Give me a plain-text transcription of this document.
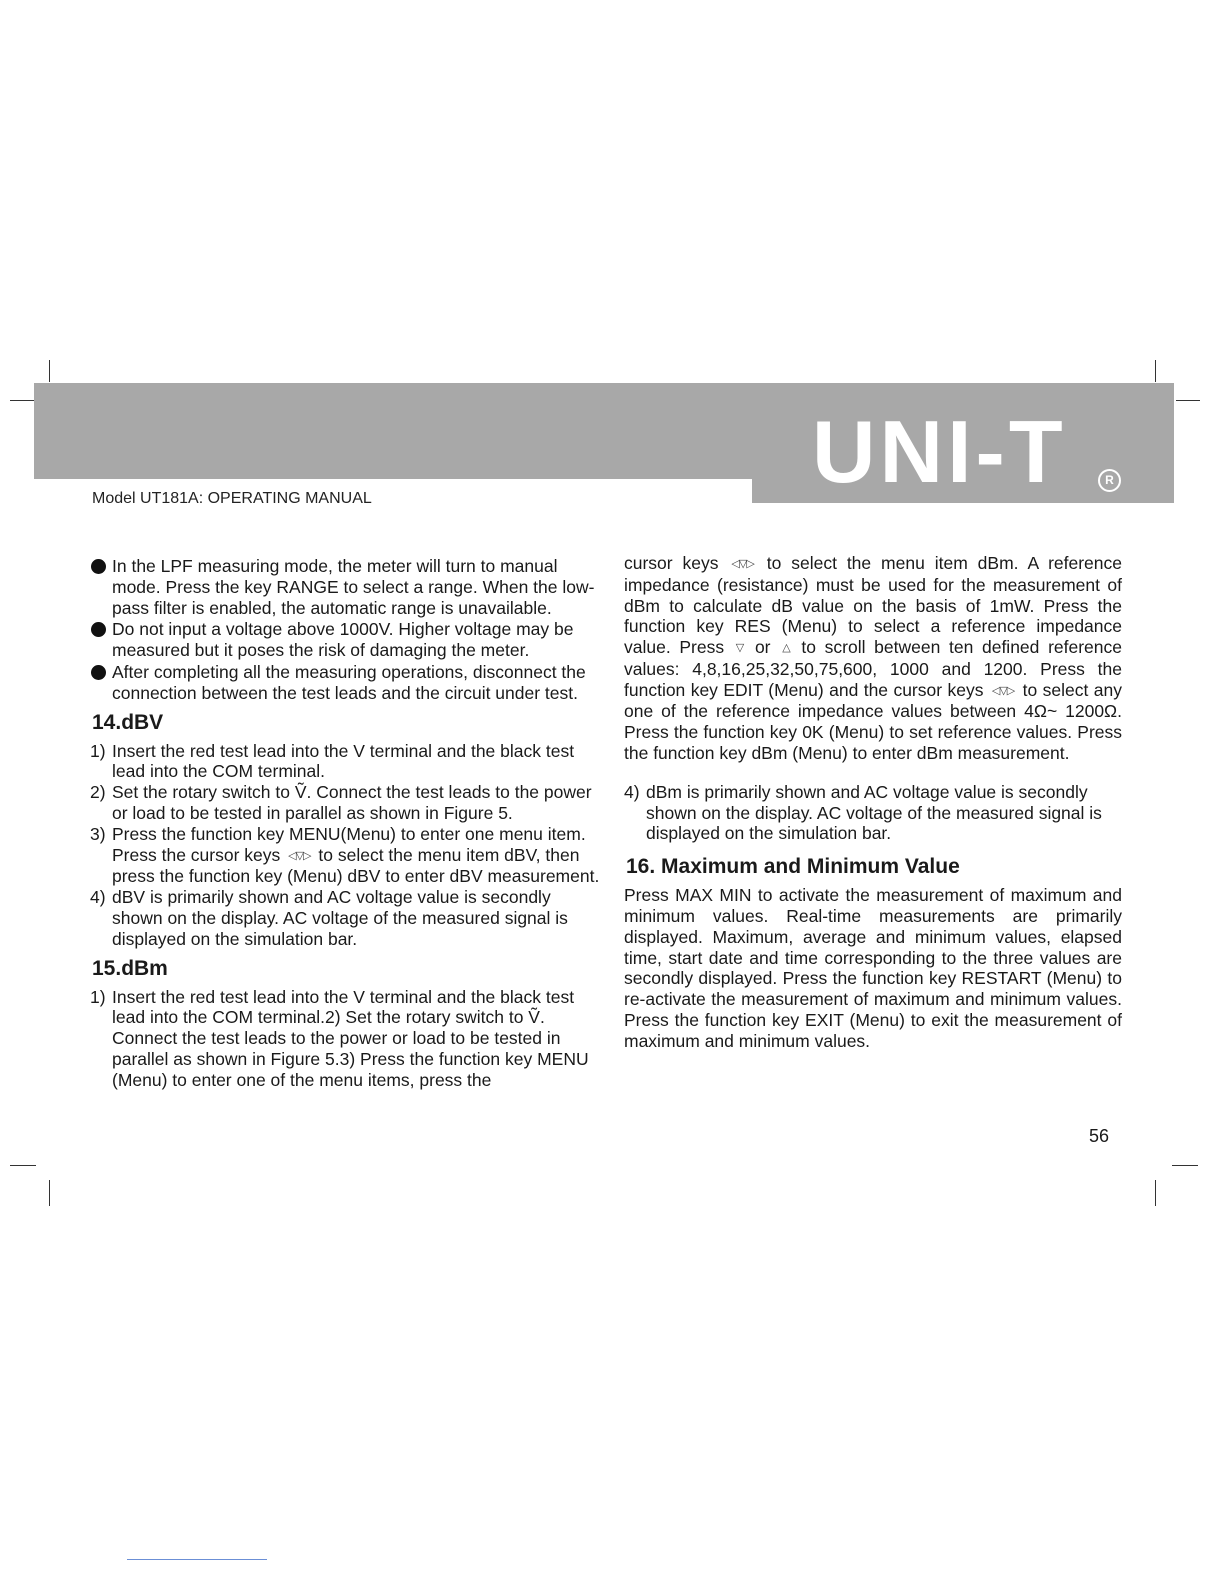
UNI-T	R
Model UT181A: OPERATING MANUAL
In the LPF measuring mode, the meter will turn to manual mode. Press the key RANGE to select a range. When the low-pass filter is enabled, the automatic range is unavailable.
Do not input a voltage above 1000V. Higher voltage may be measured but it poses the risk of damaging the meter.
After completing all the measuring operations, disconnect the connection between the test leads and the circuit under test.
14.dBV
1) Insert the red test lead into the V terminal and the black test lead into the COM terminal.
2) Set the rotary switch to Ṽ. Connect the test leads to the power or load to be tested in parallel as shown in Figure 5.
3) Press the function key MENU(Menu) to enter one menu item. Press the cursor keys ◁▽▷ to select the menu item dBV, then press the function key (Menu) dBV to enter dBV measurement.
4) dBV is primarily shown and AC voltage value is secondly shown on the display. AC voltage of the measured signal is displayed on the simulation bar.
15.dBm
1) Insert the red test lead into the V terminal and the black test lead into the COM terminal.2) Set the rotary switch to Ṽ. Connect the test leads to the power or load to be tested in parallel as shown in Figure 5.3) Press the function key MENU (Menu) to enter one of the menu items, press the

cursor keys ◁▽▷ to select the menu item dBm. A reference impedance (resistance) must be used for the measurement of dBm to calculate dB value on the basis of 1mW. Press the function key RES (Menu) to select a reference impedance value. Press ▽ or △ to scroll between ten defined reference values: 4,8,16,25,32,50,75,600, 1000 and 1200. Press the function key EDIT (Menu) and the cursor keys ◁▽▷ to select any one of the reference impedance values between 4Ω~ 1200Ω. Press the function key 0K (Menu) to set reference values. Press the function key dBm (Menu) to enter dBm measurement.

4) dBm is primarily shown and AC voltage value is secondly shown on the display. AC voltage of the measured signal is displayed on the simulation bar.
16. Maximum and Minimum Value

Press MAX MIN to activate the measurement of maximum and minimum values. Real-time measurements are primarily displayed. Maximum, average and minimum values, elapsed time, start date and time corresponding to the three values are secondly displayed. Press the function key RESTART (Menu) to re-activate the measurement of maximum and minimum values. Press the function key EXIT (Menu) to exit the measurement of maximum and minimum values.

56
